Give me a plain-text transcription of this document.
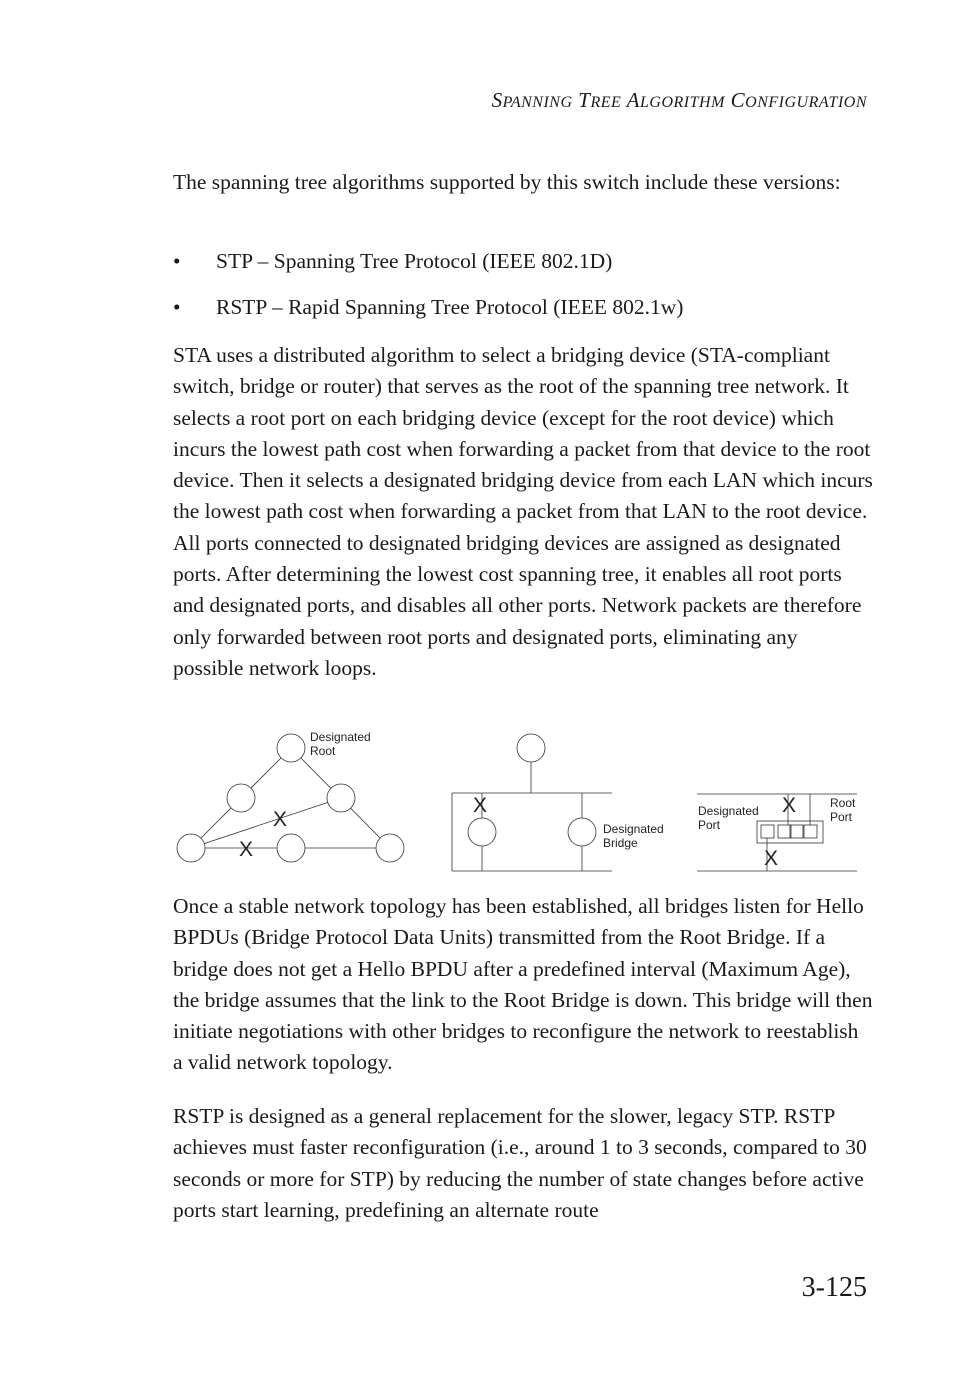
SPANNING TREE ALGORITHM CONFIGURATION
The spanning tree algorithms supported by this switch include these versions:
• STP – Spanning Tree Protocol (IEEE 802.1D)
• RSTP – Rapid Spanning Tree Protocol (IEEE 802.1w)
STA uses a distributed algorithm to select a bridging device (STA-compliant switch, bridge or router) that serves as the root of the spanning tree network. It selects a root port on each bridging device (except for the root device) which incurs the lowest path cost when forwarding a packet from that device to the root device. Then it selects a designated bridging device from each LAN which incurs the lowest path cost when forwarding a packet from that LAN to the root device. All ports connected to designated bridging devices are assigned as designated ports. After determining the lowest cost spanning tree, it enables all root ports and designated ports, and disables all other ports. Network packets are therefore only forwarded between root ports and designated ports, eliminating any possible network loops.
Designated
Root
Designated
Bridge
Designated
Port
Root
Port
X
X
X	X
X
Once a stable network topology has been established, all bridges listen for Hello BPDUs (Bridge Protocol Data Units) transmitted from the Root Bridge. If a bridge does not get a Hello BPDU after a predefined interval (Maximum Age), the bridge assumes that the link to the Root Bridge is down. This bridge will then initiate negotiations with other bridges to reconfigure the network to reestablish a valid network topology.
RSTP is designed as a general replacement for the slower, legacy STP. RSTP achieves must faster reconfiguration (i.e., around 1 to 3 seconds, compared to 30 seconds or more for STP) by reducing the number of state changes before active ports start learning, predefining an alternate route
3-125
